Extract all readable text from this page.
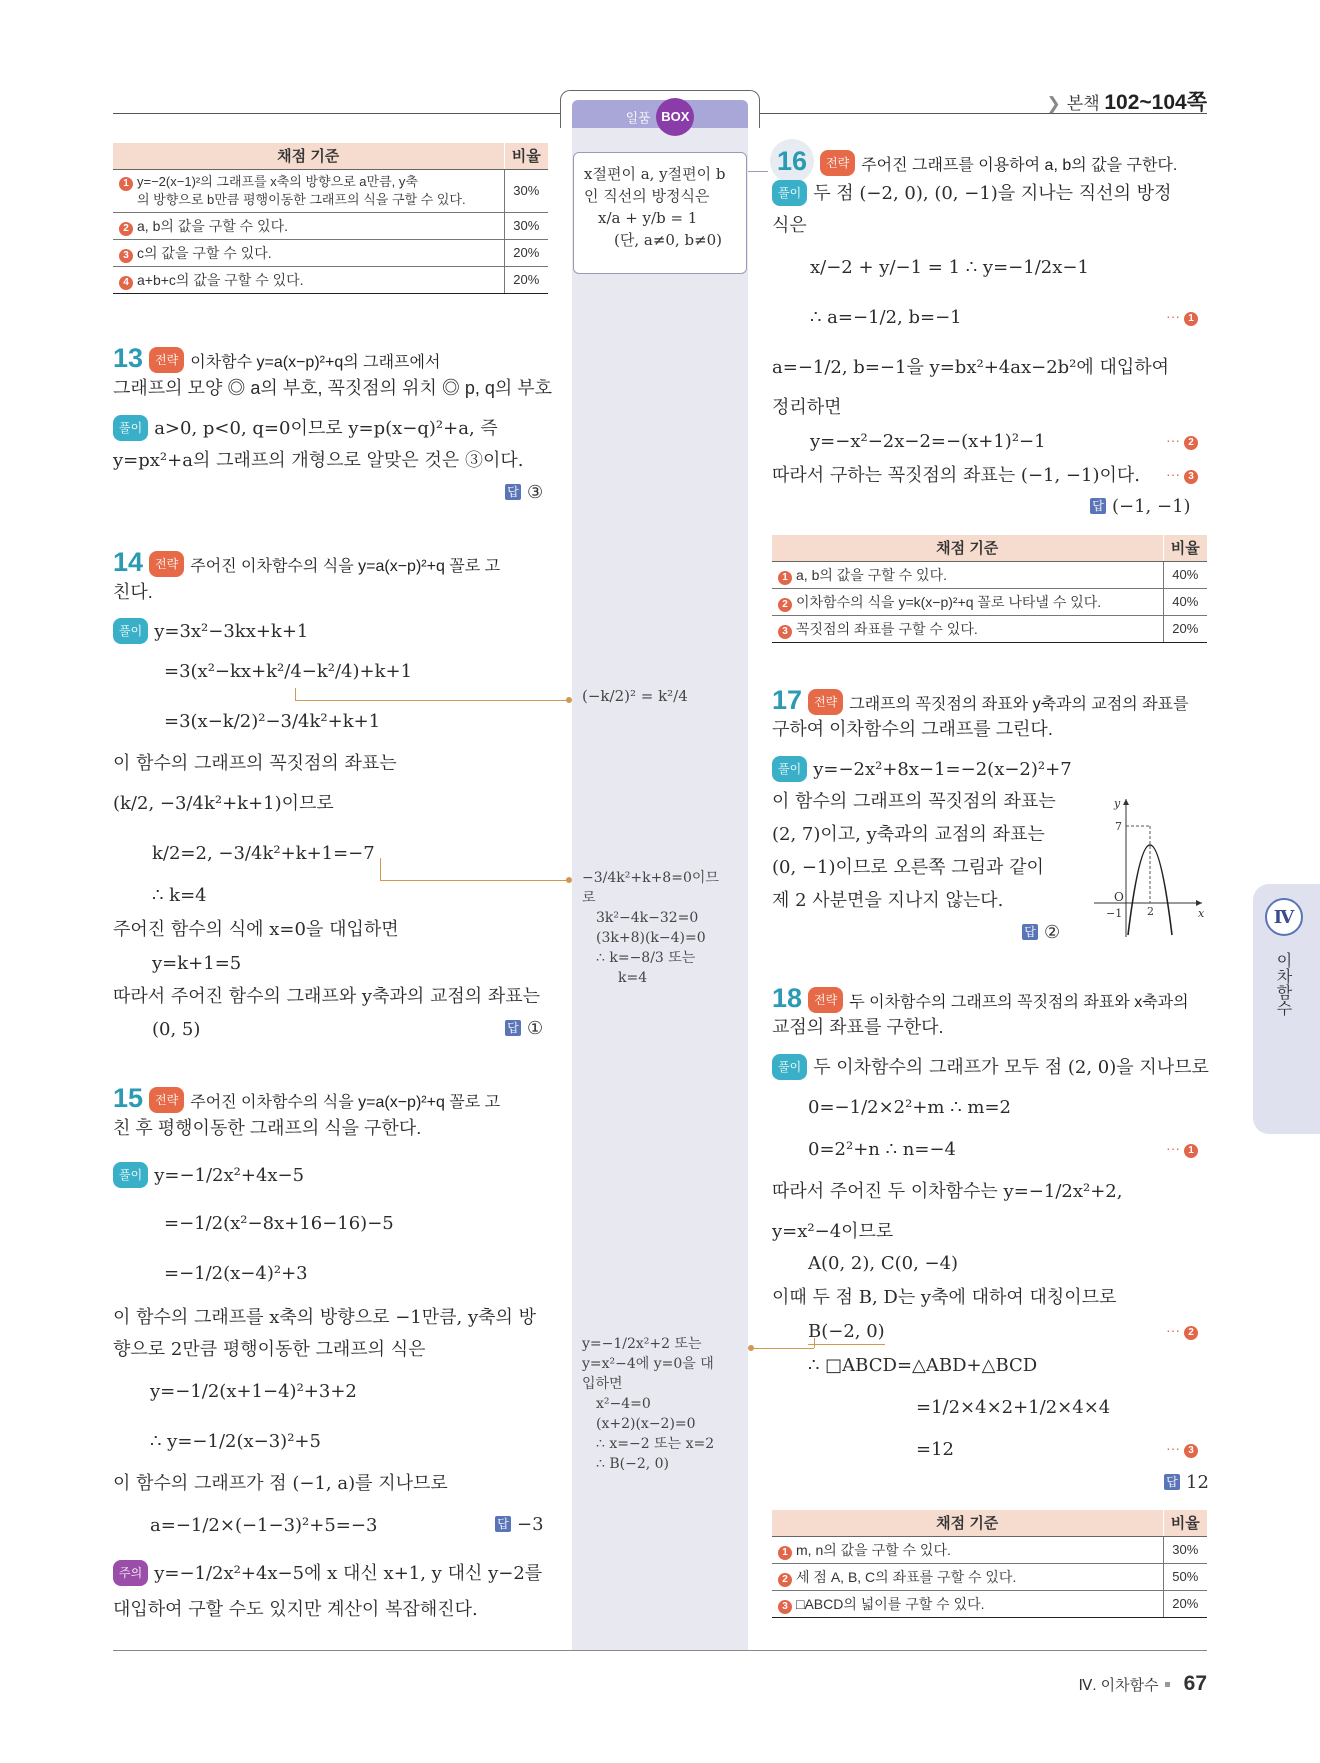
❯ 본책 102~104쪽
일품 BOX
x절편이 a, y절편이 b
인 직선의 방정식은
x/a + y/b = 1
(단, a≠0, b≠0)
(−k/2)² = k²/4
−3/4k²+k+8=0이므
로
3k²−4k−32=0
(3k+8)(k−4)=0
∴ k=−8/3 또는
k=4
y=−1/2x²+2 또는
y=x²−4에 y=0을 대
입하면
x²−4=0
(x+2)(x−2)=0
∴ x=−2 또는 x=2
∴ B(−2, 0)
채점 기준	비율
1 y=−2(x−1)²의 그래프를 x축의 방향으로 a만큼, y축
의 방향으로 b만큼 평행이동한 그래프의 식을 구할 수 있다.	30%
2 a, b의 값을 구할 수 있다.	30%
3 c의 값을 구할 수 있다.	20%
4 a+b+c의 값을 구할 수 있다.	20%
13 전략 이차함수 y=a(x−p)²+q의 그래프에서
그래프의 모양 ◎ a의 부호, 꼭짓점의 위치 ◎ p, q의 부호
풀이 a>0, p<0, q=0이므로 y=p(x−q)²+a, 즉
y=px²+a의 그래프의 개형으로 알맞은 것은 ③이다.
답 ③
14 전략 주어진 이차함수의 식을 y=a(x−p)²+q 꼴로 고
친다.
풀이 y=3x²−3kx+k+1
=3(x²−kx+k²/4−k²/4)+k+1
=3(x−k/2)²−3/4k²+k+1
이 함수의 그래프의 꼭짓점의 좌표는
(k/2, −3/4k²+k+1)이므로
k/2=2, −3/4k²+k+1=−7
∴ k=4
주어진 함수의 식에 x=0을 대입하면
y=k+1=5
따라서 주어진 함수의 그래프와 y축과의 교점의 좌표는
(0, 5)	답 ①
15 전략 주어진 이차함수의 식을 y=a(x−p)²+q 꼴로 고
친 후 평행이동한 그래프의 식을 구한다.
풀이 y=−1/2x²+4x−5
=−1/2(x²−8x+16−16)−5
=−1/2(x−4)²+3
이 함수의 그래프를 x축의 방향으로 −1만큼, y축의 방
향으로 2만큼 평행이동한 그래프의 식은
y=−1/2(x+1−4)²+3+2
∴ y=−1/2(x−3)²+5
이 함수의 그래프가 점 (−1, a)를 지나므로
a=−1/2×(−1−3)²+5=−3	답 −3
주의 y=−1/2x²+4x−5에 x 대신 x+1, y 대신 y−2를
대입하여 구할 수도 있지만 계산이 복잡해진다.
16 전략 주어진 그래프를 이용하여 a, b의 값을 구한다.
풀이 두 점 (−2, 0), (0, −1)을 지나는 직선의 방정
식은
x/−2 + y/−1 = 1 ∴ y=−1/2x−1
∴ a=−1/2, b=−1	··· 1
a=−1/2, b=−1을 y=bx²+4ax−2b²에 대입하여
정리하면
y=−x²−2x−2=−(x+1)²−1	··· 2
따라서 구하는 꼭짓점의 좌표는 (−1, −1)이다. ··· 3
답 (−1, −1)
채점 기준	비율
1 a, b의 값을 구할 수 있다.	40%
2 이차함수의 식을 y=k(x−p)²+q 꼴로 나타낼 수 있다.	40%
3 꼭짓점의 좌표를 구할 수 있다.	20%
17 전략 그래프의 꼭짓점의 좌표와 y축과의 교점의 좌표를
구하여 이차함수의 그래프를 그린다.
풀이 y=−2x²+8x−1=−2(x−2)²+7
이 함수의 그래프의 꼭짓점의 좌표는
(2, 7)이고, y축과의 교점의 좌표는
(0, −1)이므로 오른쪽 그림과 같이
제 2 사분면을 지나지 않는다.
답 ②
y
x
O
7
2
−1
18 전략 두 이차함수의 그래프의 꼭짓점의 좌표와 x축과의
교점의 좌표를 구한다.
풀이 두 이차함수의 그래프가 모두 점 (2, 0)을 지나므로
0=−1/2×2²+m ∴ m=2
0=2²+n ∴ n=−4	··· 1
따라서 주어진 두 이차함수는 y=−1/2x²+2,
y=x²−4이므로
A(0, 2), C(0, −4)
이때 두 점 B, D는 y축에 대하여 대칭이므로
B(−2, 0)	··· 2
∴ □ABCD=△ABD+△BCD
=1/2×4×2+1/2×4×4
=12	··· 3
답 12
채점 기준	비율
1 m, n의 값을 구할 수 있다.	30%
2 세 점 A, B, C의 좌표를 구할 수 있다.	50%
3 □ABCD의 넓이를 구할 수 있다.	20%
Ⅳ
이차함수
Ⅳ. 이차함수 67
